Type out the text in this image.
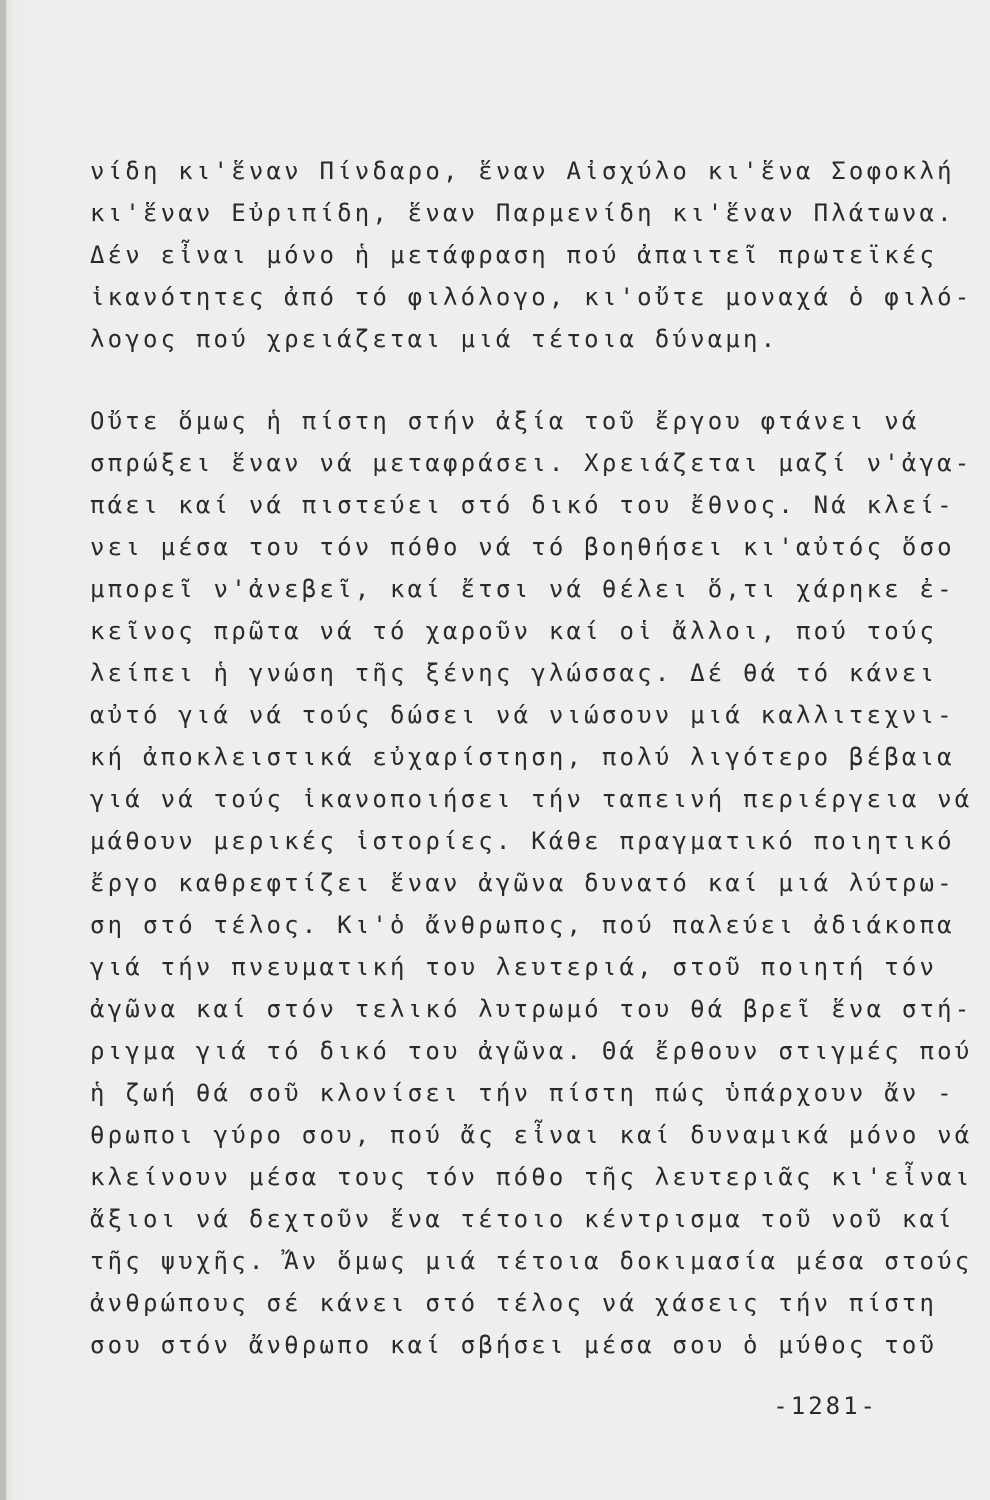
νίδη κι'ἕναν Πίνδαρο, ἕναν Αἰσχύλο κι'ἕνα Σοφοκλή
κι'ἕναν Εὐριπίδη, ἕναν Παρμενίδη κι'ἕναν Πλάτωνα.
Δέν εἶναι μόνο ἡ μετάφραση πού ἀπαιτεῖ πρωτεϊκές
ἱκανότητες ἀπό τό φιλόλογο, κι'οὔτε μοναχά ὁ φιλό-
λογος πού χρειάζεται μιά τέτοια δύναμη.
Οὔτε ὅμως ἡ πίστη στήν ἀξία τοῦ ἔργου φτάνει νά
σπρώξει ἕναν νά μεταφράσει. Χρειάζεται μαζί ν'ἀγα-
πάει καί νά πιστεύει στό δικό του ἔθνος. Νά κλεί-
νει μέσα του τόν πόθο νά τό βοηθήσει κι'αὐτός ὅσο
μπορεῖ ν'ἀνεβεῖ, καί ἔτσι νά θέλει ὅ,τι χάρηκε ἐ-
κεῖνος πρῶτα νά τό χαροῦν καί οἱ ἄλλοι, πού τούς
λείπει ἡ γνώση τῆς ξένης γλώσσας. Δέ θά τό κάνει
αὐτό γιά νά τούς δώσει νά νιώσουν μιά καλλιτεχνι-
κή ἀποκλειστικά εὐχαρίστηση, πολύ λιγότερο βέβαια
γιά νά τούς ἱκανοποιήσει τήν ταπεινή περιέργεια νά
μάθουν μερικές ἱστορίες. Κάθε πραγματικό ποιητικό
ἔργο καθρεφτίζει ἕναν ἀγῶνα δυνατό καί μιά λύτρω-
ση στό τέλος. Κι'ὁ ἄνθρωπος, πού παλεύει ἀδιάκοπα
γιά τήν πνευματική του λευτεριά, στοῦ ποιητή τόν
ἀγῶνα καί στόν τελικό λυτρωμό του θά βρεῖ ἕνα στή-
ριγμα γιά τό δικό του ἀγῶνα. Θά ἔρθουν στιγμές πού
ἡ ζωή θά σοῦ κλονίσει τήν πίστη πώς ὑπάρχουν ἄν -
θρωποι γύρο σου, πού ἄς εἶναι καί δυναμικά μόνο νά
κλείνουν μέσα τους τόν πόθο τῆς λευτεριᾶς κι'εἶναι
ἄξιοι νά δεχτοῦν ἕνα τέτοιο κέντρισμα τοῦ νοῦ καί
τῆς ψυχῆς. Ἄν ὅμως μιά τέτοια δοκιμασία μέσα στούς
ἀνθρώπους σέ κάνει στό τέλος νά χάσεις τήν πίστη
σου στόν ἄνθρωπο καί σβήσει μέσα σου ὁ μύθος τοῦ
-1281-
